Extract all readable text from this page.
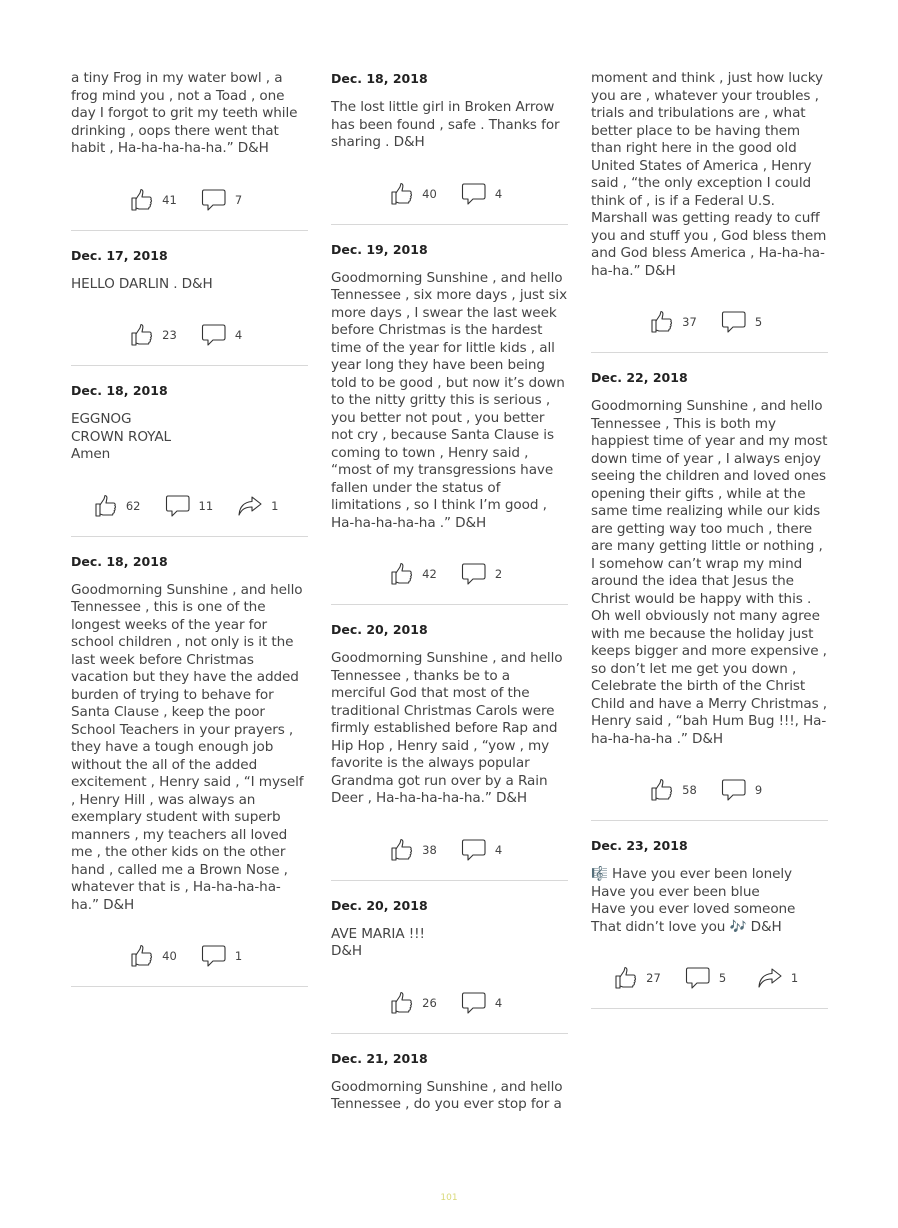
a tiny Frog in my water bowl , a frog mind you , not a Toad , one day I forgot to grit my teeth while drinking , oops there went that habit , Ha-ha-ha-ha-ha.” D&H

41	7
Dec. 17, 2018

HELLO DARLIN . D&H

23	4
Dec. 18, 2018

EGGNOG
CROWN ROYAL
Amen

62	11	1
Dec. 18, 2018

Goodmorning Sunshine , and hello Tennessee , this is one of the longest weeks of the year for school children , not only is it the last week before Christmas vacation but they have the added burden of trying to behave for Santa Clause , keep the poor School Teachers in your prayers , they have a tough enough job without the all of the added excitement , Henry said , “I myself , Henry Hill , was always an exemplary student with superb manners , my teachers all loved me , the other kids on the other hand , called me a Brown Nose , whatever that is , Ha-ha-ha-ha-ha.” D&H

40	1
Dec. 18, 2018

The lost little girl in Broken Arrow has been found , safe . Thanks for sharing . D&H

40	4
Dec. 19, 2018

Goodmorning Sunshine , and hello Tennessee , six more days , just six more days , I swear the last week before Christmas is the hardest time of the year for little kids , all year long they have been being told to be good , but now it’s down to the nitty gritty this is serious , you better not pout , you better not cry , because Santa Clause is coming to town , Henry said , “most of my transgressions have fallen under the status of limitations , so I think I’m good , Ha-ha-ha-ha-ha .” D&H

42	2
Dec. 20, 2018

Goodmorning Sunshine , and hello Tennessee , thanks be to a merciful God that most of the traditional Christmas Carols were firmly established before Rap and Hip Hop , Henry said , “yow , my favorite is the always popular Grandma got run over by a Rain Deer , Ha-ha-ha-ha-ha.” D&H

38	4
Dec. 20, 2018

AVE MARIA !!!
D&H

26	4
Dec. 21, 2018

Goodmorning Sunshine , and hello Tennessee , do you ever stop for a

moment and think , just how lucky you are , whatever your troubles , trials and tribulations are , what better place to be having them than right here in the good old United States of America , Henry said , “the only exception I could think of , is if a Federal U.S. Marshall was getting ready to cuff you and stuff you , God bless them and God bless America , Ha-ha-ha-ha-ha.” D&H

37	5
Dec. 22, 2018

Goodmorning Sunshine , and hello Tennessee , This is both my happiest time of year and my most down time of year , I always enjoy seeing the children and loved ones opening their gifts , while at the same time realizing while our kids are getting way too much , there are many getting little or nothing , I somehow can’t wrap my mind around the idea that Jesus the Christ would be happy with this . Oh well obviously not many agree with me because the holiday just keeps bigger and more expensive , so don’t let me get you down , Celebrate the birth of the Christ Child and have a Merry Christmas , Henry said , “bah Hum Bug !!!, Ha-ha-ha-ha-ha .” D&H

58	9
Dec. 23, 2018

🎼 Have you ever been lonely
Have you ever been blue
Have you ever loved someone
That didn’t love you 🎶 D&H

27	5	1
101
